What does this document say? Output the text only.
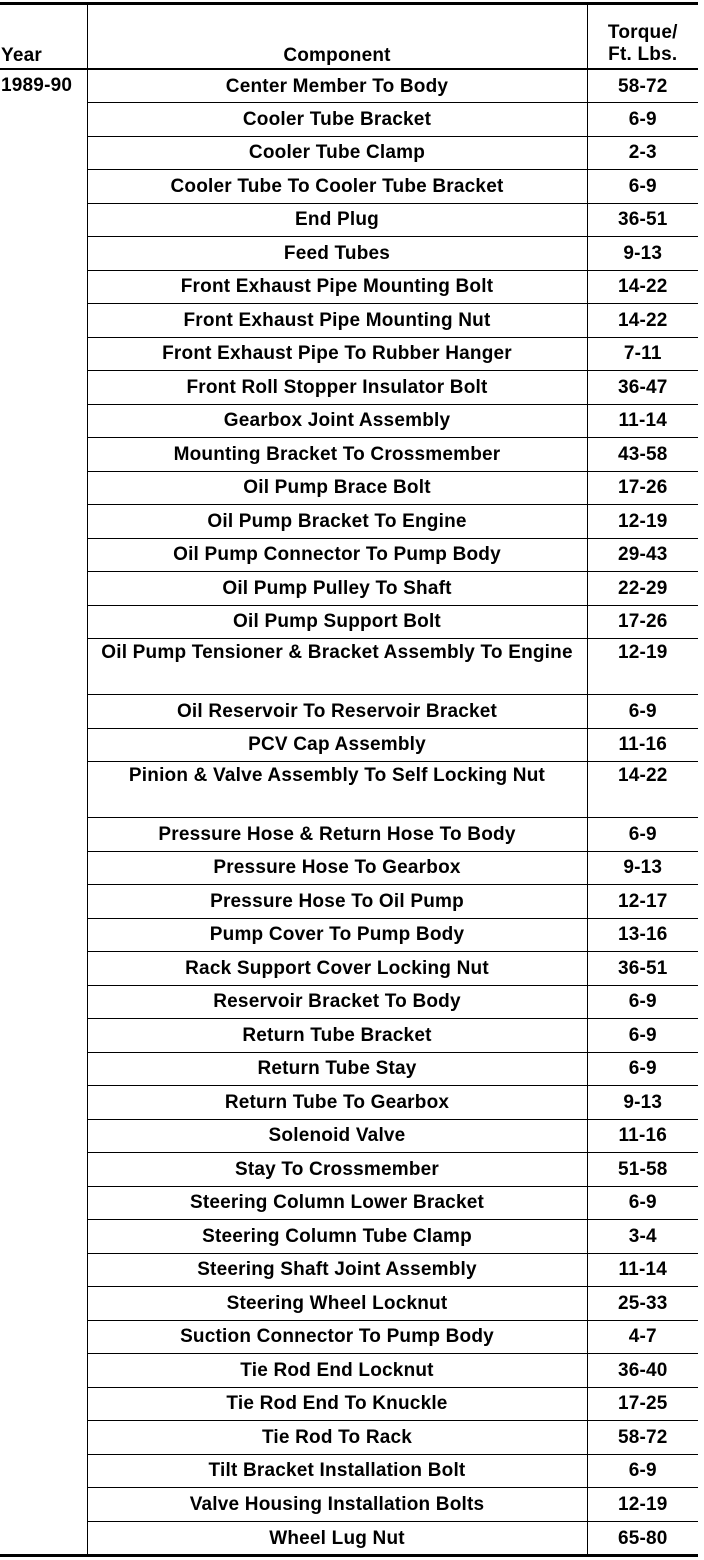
Year	Component	Torque/
Ft. Lbs.
1989-90	Center Member To Body	58-72
	Cooler Tube Bracket	6-9
	Cooler Tube Clamp	2-3
	Cooler Tube To Cooler Tube Bracket	6-9
	End Plug	36-51
	Feed Tubes	9-13
	Front Exhaust Pipe Mounting Bolt	14-22
	Front Exhaust Pipe Mounting Nut	14-22
	Front Exhaust Pipe To Rubber Hanger	7-11
	Front Roll Stopper Insulator Bolt	36-47
	Gearbox Joint Assembly	11-14
	Mounting Bracket To Crossmember	43-58
	Oil Pump Brace Bolt	17-26
	Oil Pump Bracket To Engine	12-19
	Oil Pump Connector To Pump Body	29-43
	Oil Pump Pulley To Shaft	22-29
	Oil Pump Support Bolt	17-26
	Oil Pump Tensioner & Bracket Assembly To Engine	12-19
	Oil Reservoir To Reservoir Bracket	6-9
	PCV Cap Assembly	11-16
	Pinion & Valve Assembly To Self Locking Nut	14-22
	Pressure Hose & Return Hose To Body	6-9
	Pressure Hose To Gearbox	9-13
	Pressure Hose To Oil Pump	12-17
	Pump Cover To Pump Body	13-16
	Rack Support Cover Locking Nut	36-51
	Reservoir Bracket To Body	6-9
	Return Tube Bracket	6-9
	Return Tube Stay	6-9
	Return Tube To Gearbox	9-13
	Solenoid Valve	11-16
	Stay To Crossmember	51-58
	Steering Column Lower Bracket	6-9
	Steering Column Tube Clamp	3-4
	Steering Shaft Joint Assembly	11-14
	Steering Wheel Locknut	25-33
	Suction Connector To Pump Body	4-7
	Tie Rod End Locknut	36-40
	Tie Rod End To Knuckle	17-25
	Tie Rod To Rack	58-72
	Tilt Bracket Installation Bolt	6-9
	Valve Housing Installation Bolts	12-19
	Wheel Lug Nut	65-80
